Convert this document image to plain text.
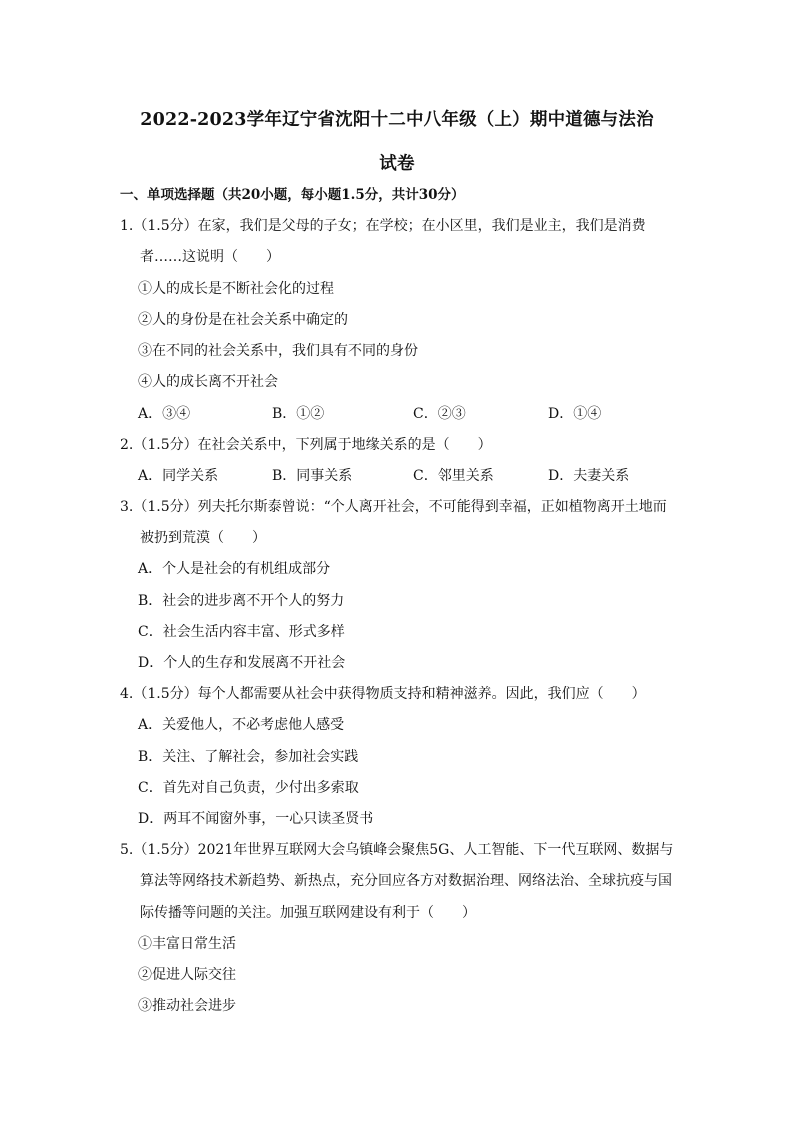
2022-2023学年辽宁省沈阳十二中八年级（上）期中道德与法治
试卷
一、单项选择题（共20小题，每小题1.5分，共计30分）
1.（1.5分）在家，我们是父母的子女；在学校；在小区里，我们是业主，我们是消费
者……这说明（　　）
①人的成长是不断社会化的过程
②人的身份是在社会关系中确定的
③在不同的社会关系中，我们具有不同的身份
④人的成长离不开社会
A．③④	B．①②	C．②③	D．①④
2.（1.5分）在社会关系中，下列属于地缘关系的是（　　）
A．同学关系	B．同事关系	C．邻里关系	D．夫妻关系
3.（1.5分）列夫托尔斯泰曾说：“个人离开社会，不可能得到幸福，正如植物离开土地而
被扔到荒漠（　　）
A．个人是社会的有机组成部分
B．社会的进步离不开个人的努力
C．社会生活内容丰富、形式多样
D．个人的生存和发展离不开社会
4.（1.5分）每个人都需要从社会中获得物质支持和精神滋养。因此，我们应（　　）
A．关爱他人，不必考虑他人感受
B．关注、了解社会，参加社会实践
C．首先对自己负责，少付出多索取
D．两耳不闻窗外事，一心只读圣贤书
5.（1.5分）2021年世界互联网大会乌镇峰会聚焦5G、人工智能、下一代互联网、数据与
算法等网络技术新趋势、新热点，充分回应各方对数据治理、网络法治、全球抗疫与国
际传播等问题的关注。加强互联网建设有利于（　　）
①丰富日常生活
②促进人际交往
③推动社会进步
